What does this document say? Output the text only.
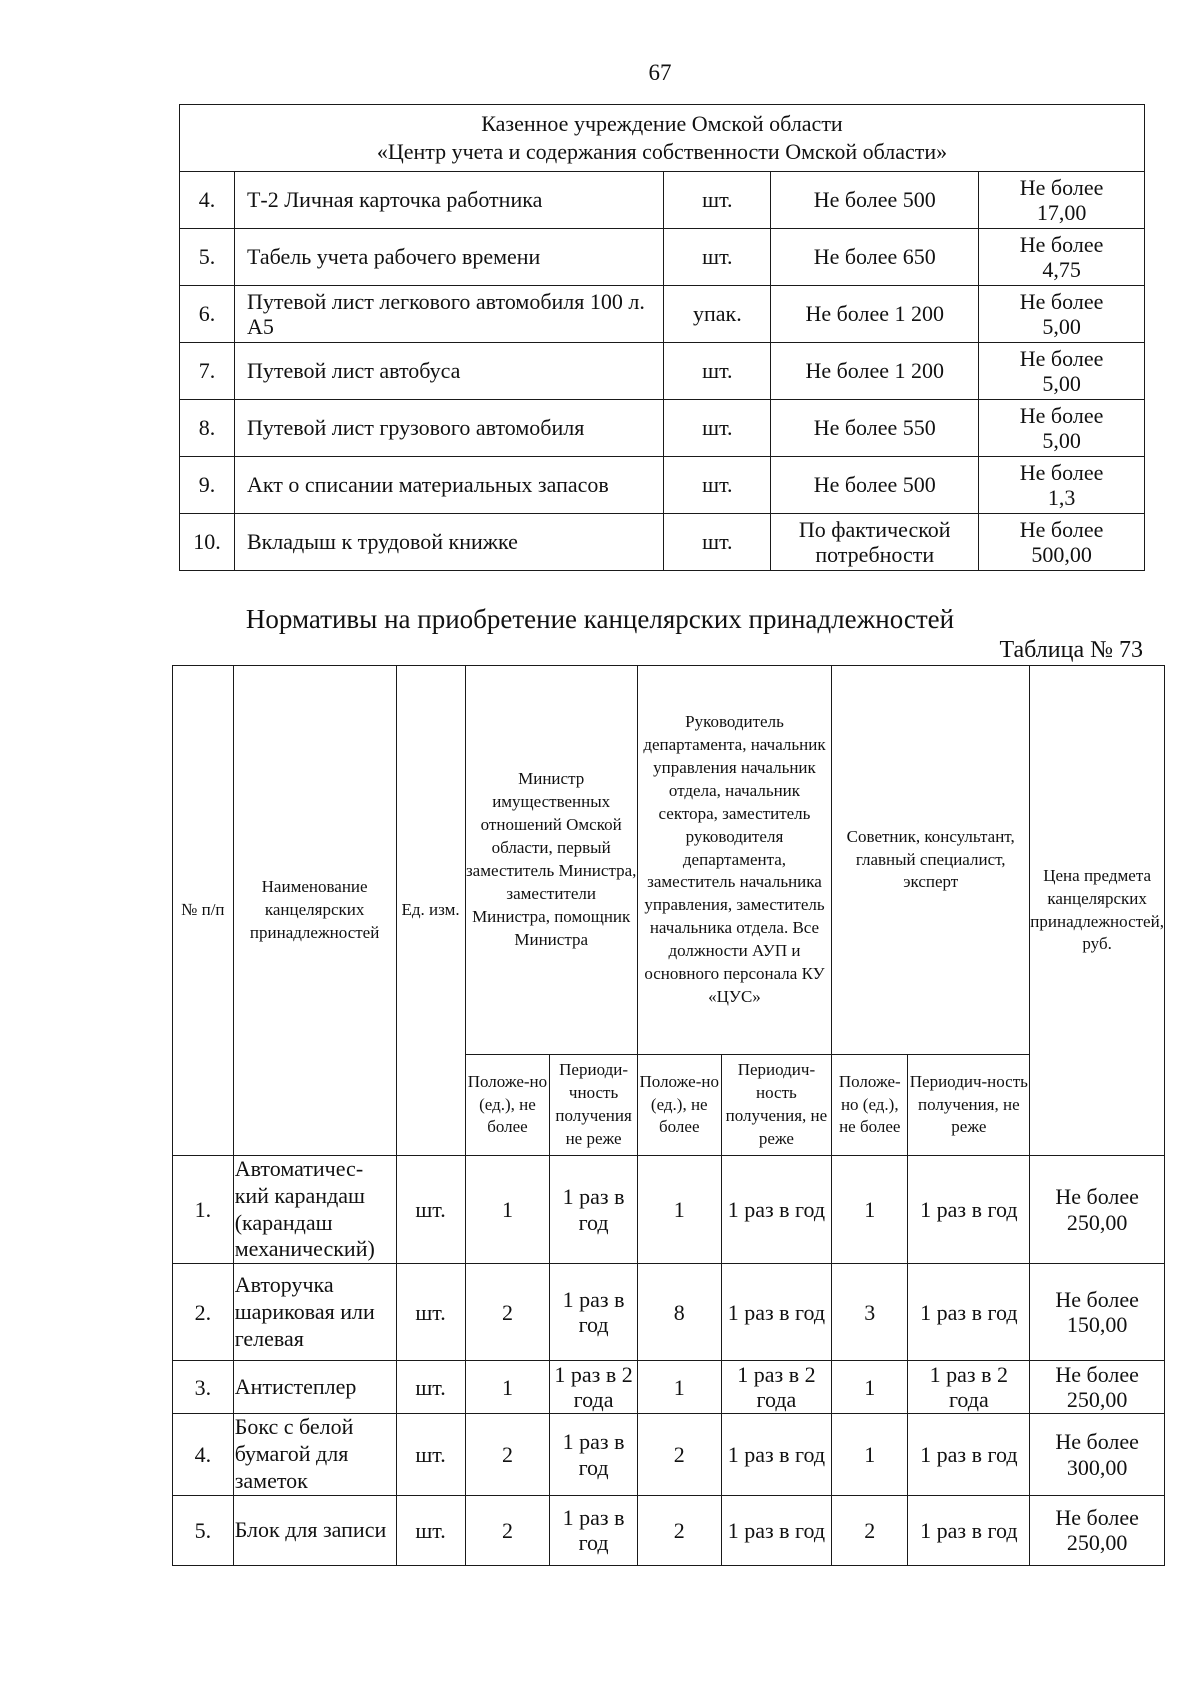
67
Казенное учреждение Омской области
«Центр учета и содержания собственности Омской области»				
4.	Т-2 Личная карточка работника	шт.	Не более 500	Не более
17,00
5.	Табель учета рабочего времени	шт.	Не более 650	Не более
4,75
6.	Путевой лист легкового автомобиля 100 л. А5	упак.	Не более 1 200	Не более
5,00
7.	Путевой лист автобуса	шт.	Не более 1 200	Не более
5,00
8.	Путевой лист грузового автомобиля	шт.	Не более 550	Не более
5,00
9.	Акт о списании материальных запасов	шт.	Не более 500	Не более
1,3
10.	Вкладыш к трудовой книжке	шт.	По фактической потребности	Не более
500,00
Нормативы на приобретение канцелярских принадлежностей
Таблица № 73
№ п/п	Наименование канцелярских принадлежностей	Ед. изм.	Министр имущественных отношений Омской области, первый заместитель Министра, заместители Министра, помощник Министра		Руководитель департамента, начальник управления начальник отдела, начальник сектора, заместитель руководителя департамента, заместитель начальника управления, заместитель начальника отдела. Все должности АУП и основного персонала КУ «ЦУС»		Советник, консультант, главный специалист, эксперт		Цена предмета канцелярских принадлежностей, руб.
			Положе-но (ед.), не более	Периоди-чность получения не реже	Положе-но (ед.), не более	Периодич-ность получения, не реже	Положе-но (ед.), не более	Периодич-ность получения, не реже	
1.	Автоматичес-кий карандаш (карандаш механический)	шт.	1	1 раз в год	1	1 раз в год	1	1 раз в год	Не более
250,00
2.	Авторучка шариковая или гелевая	шт.	2	1 раз в год	8	1 раз в год	3	1 раз в год	Не более
150,00
3.	Антистеплер	шт.	1	1 раз в 2 года	1	1 раз в 2 года	1	1 раз в 2 года	Не более
250,00
4.	Бокс с белой бумагой для заметок	шт.	2	1 раз в год	2	1 раз в год	1	1 раз в год	Не более
300,00
5.	Блок для записи	шт.	2	1 раз в год	2	1 раз в год	2	1 раз в год	Не более
250,00
